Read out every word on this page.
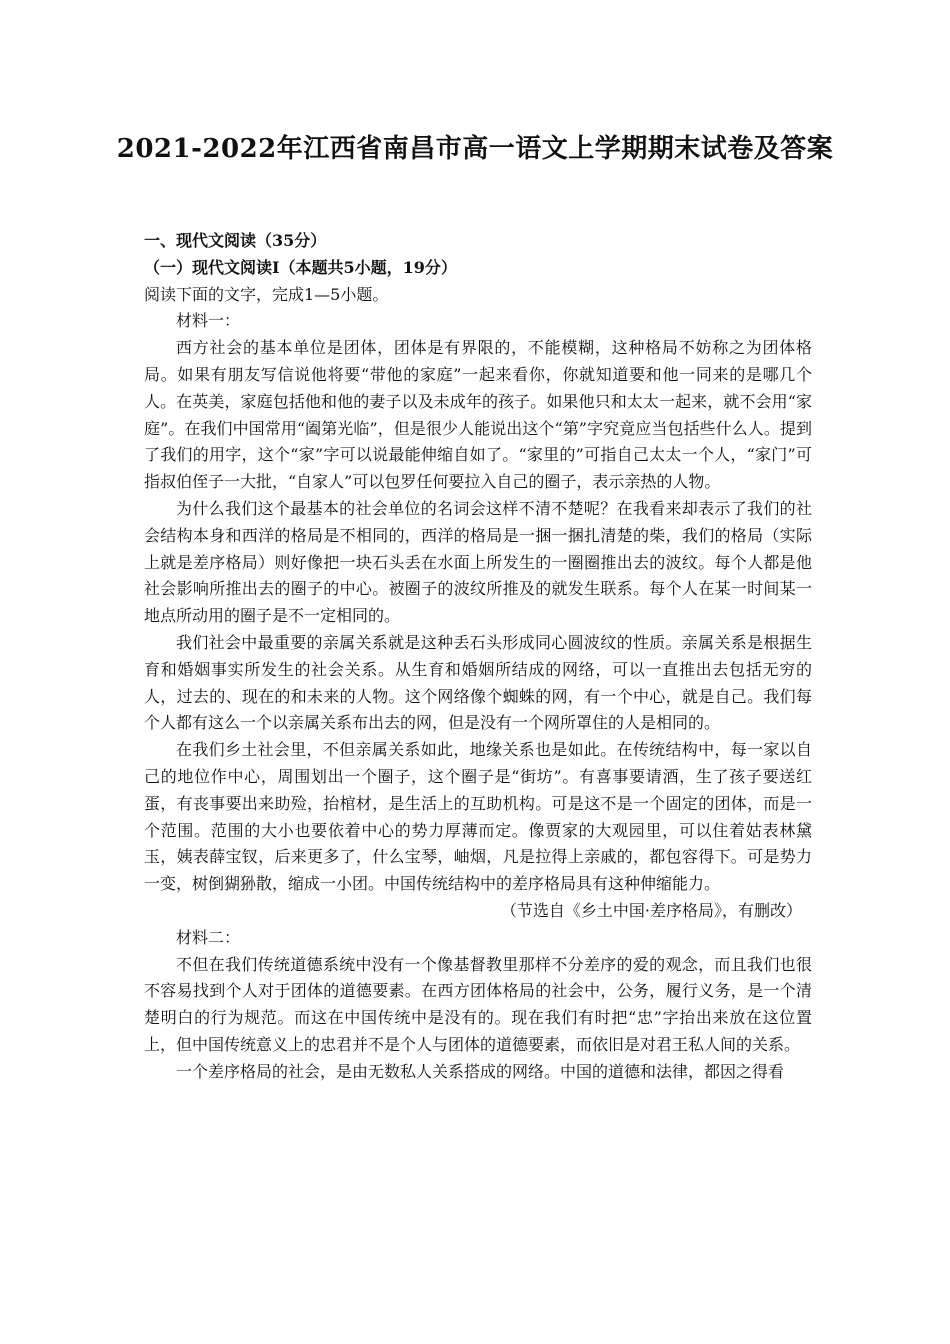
2021-2022年江西省南昌市高一语文上学期期末试卷及答案

一、现代文阅读（35分）

（一）现代文阅读Ⅰ（本题共5小题，19分）

阅读下面的文字，完成1—5小题。

材料一：

西方社会的基本单位是团体，团体是有界限的，不能模糊，这种格局不妨称之为团体格局。如果有朋友写信说他将要“带他的家庭”一起来看你，你就知道要和他一同来的是哪几个人。在英美，家庭包括他和他的妻子以及未成年的孩子。如果他只和太太一起来，就不会用“家庭”。在我们中国常用“阖第光临”，但是很少人能说出这个“第”字究竟应当包括些什么人。提到了我们的用字，这个“家”字可以说最能伸缩自如了。“家里的”可指自己太太一个人，“家门”可指叔伯侄子一大批，“自家人”可以包罗任何要拉入自己的圈子，表示亲热的人物。

为什么我们这个最基本的社会单位的名词会这样不清不楚呢？在我看来却表示了我们的社会结构本身和西洋的格局是不相同的，西洋的格局是一捆一捆扎清楚的柴，我们的格局（实际上就是差序格局）则好像把一块石头丢在水面上所发生的一圈圈推出去的波纹。每个人都是他社会影响所推出去的圈子的中心。被圈子的波纹所推及的就发生联系。每个人在某一时间某一地点所动用的圈子是不一定相同的。

我们社会中最重要的亲属关系就是这种丢石头形成同心圆波纹的性质。亲属关系是根据生育和婚姻事实所发生的社会关系。从生育和婚姻所结成的网络，可以一直推出去包括无穷的人，过去的、现在的和未来的人物。这个网络像个蜘蛛的网，有一个中心，就是自己。我们每个人都有这么一个以亲属关系布出去的网，但是没有一个网所罩住的人是相同的。

在我们乡土社会里，不但亲属关系如此，地缘关系也是如此。在传统结构中，每一家以自己的地位作中心，周围划出一个圈子，这个圈子是“街坊”。有喜事要请酒，生了孩子要送红蛋，有丧事要出来助殓，抬棺材，是生活上的互助机构。可是这不是一个固定的团体，而是一个范围。范围的大小也要依着中心的势力厚薄而定。像贾家的大观园里，可以住着姑表林黛玉，姨表薛宝钗，后来更多了，什么宝琴，岫烟，凡是拉得上亲戚的，都包容得下。可是势力一变，树倒猢狲散，缩成一小团。中国传统结构中的差序格局具有这种伸缩能力。

（节选自《乡土中国·差序格局》，有删改）

材料二：

不但在我们传统道德系统中没有一个像基督教里那样不分差序的爱的观念，而且我们也很不容易找到个人对于团体的道德要素。在西方团体格局的社会中，公务，履行义务，是一个清楚明白的行为规范。而这在中国传统中是没有的。现在我们有时把“忠”字抬出来放在这位置上，但中国传统意义上的忠君并不是个人与团体的道德要素，而依旧是对君王私人间的关系。

一个差序格局的社会，是由无数私人关系搭成的网络。中国的道德和法律，都因之得看
